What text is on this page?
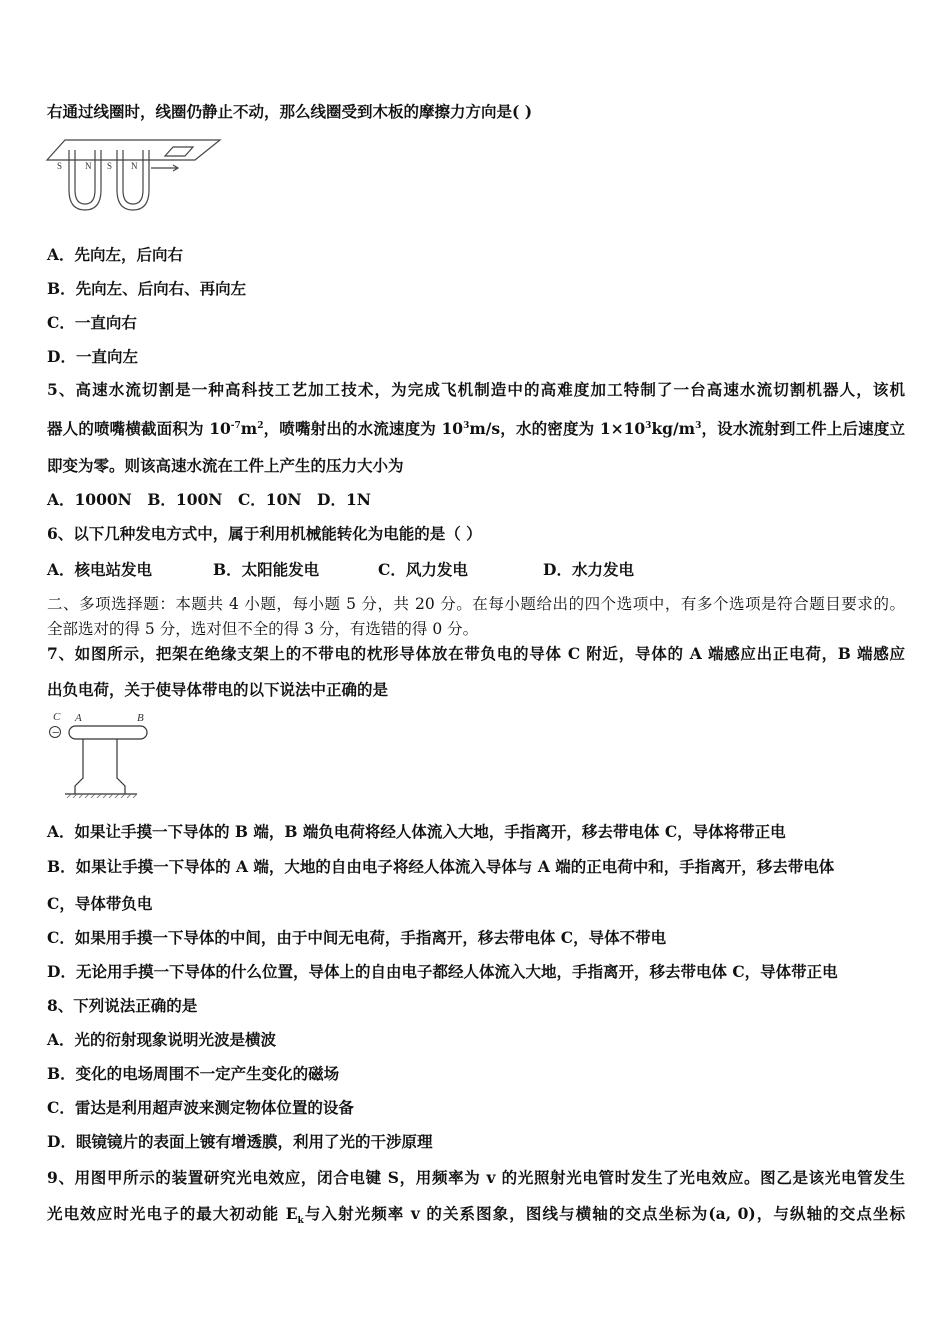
右通过线圈时，线圈仍静止不动，那么线圈受到木板的摩擦力方向是( )
S	N S N
A．先向左，后向右
B．先向左、后向右、再向左
C．一直向右
D．一直向左
5、高速水流切割是一种高科技工艺加工技术，为完成飞机制造中的高难度加工特制了一台高速水流切割机器人，该机
器人的喷嘴横截面积为 $10^{-7}m^2$，喷嘴射出的水流速度为 $10^3m/s$，水的密度为 $1\times 10^3kg/m^3$，设水流射到工件上后速度立
即变为零。则该高速水流在工件上产生的压力大小为
A．1000N　B．100N　C．10N　D．1N
6、以下几种发电方式中，属于利用机械能转化为电能的是（ ）
A．核电站发电	B．太阳能发电	C．风力发电	D．水力发电
二、多项选择题：本题共 4 小题，每小题 5 分，共 20 分。在每小题给出的四个选项中，有多个选项是符合题目要求的。
全部选对的得 5 分，选对但不全的得 3 分，有选错的得 0 分。
7、如图所示，把架在绝缘支架上的不带电的枕形导体放在带负电的导体 C 附近，导体的 A 端感应出正电荷，B 端感应
出负电荷，关于使导体带电的以下说法中正确的是
C A	B
−
A．如果让手摸一下导体的 B 端，B 端负电荷将经人体流入大地，手指离开，移去带电体 C，导体将带正电
B．如果让手摸一下导体的 A 端，大地的自由电子将经人体流入导体与 A 端的正电荷中和，手指离开，移去带电体
C，导体带负电
C．如果用手摸一下导体的中间，由于中间无电荷，手指离开，移去带电体 C，导体不带电
D．无论用手摸一下导体的什么位置，导体上的自由电子都经人体流入大地，手指离开，移去带电体 C，导体带正电
8、下列说法正确的是
A．光的衍射现象说明光波是横波
B．变化的电场周围不一定产生变化的磁场
C．雷达是利用超声波来测定物体位置的设备
D．眼镜镜片的表面上镀有增透膜，利用了光的干涉原理
9、用图甲所示的装置研究光电效应，闭合电键 S，用频率为 v 的光照射光电管时发生了光电效应。图乙是该光电管发生
光电效应时光电子的最大初动能 $E_k$与入射光频率 v 的关系图象，图线与横轴的交点坐标为(a, 0)，与纵轴的交点坐标
